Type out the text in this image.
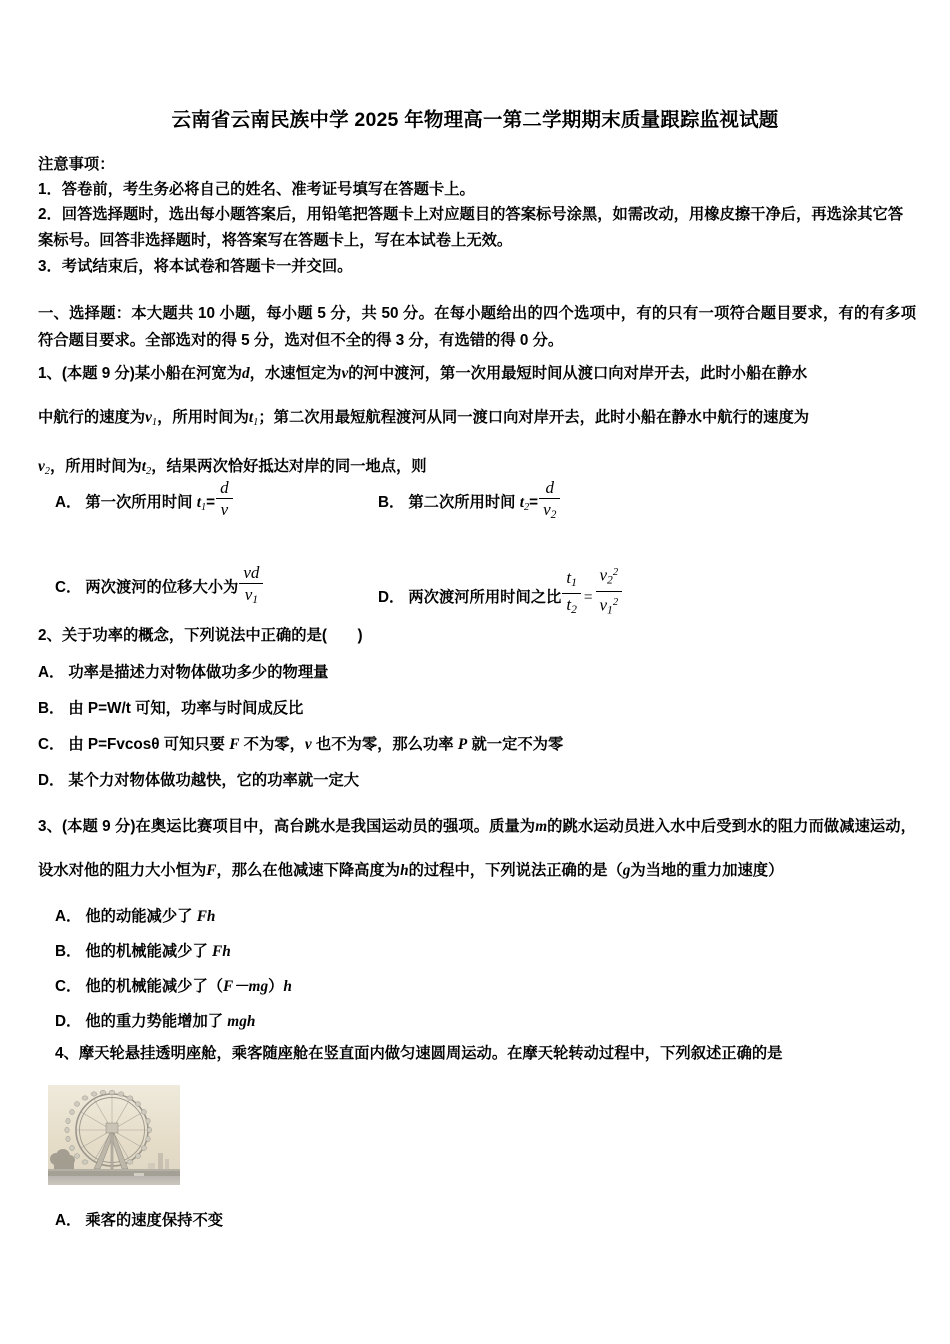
云南省云南民族中学 2025 年物理高一第二学期期末质量跟踪监视试题
注意事项：
1．答卷前，考生务必将自己的姓名、准考证号填写在答题卡上。
2．回答选择题时，选出每小题答案后，用铅笔把答题卡上对应题目的答案标号涂黑，如需改动，用橡皮擦干净后，再选涂其它答案标号。回答非选择题时，将答案写在答题卡上，写在本试卷上无效。
3．考试结束后，将本试卷和答题卡一并交回。
一、选择题：本大题共 10 小题，每小题 5 分，共 50 分。在每小题给出的四个选项中，有的只有一项符合题目要求，有的有多项符合题目要求。全部选对的得 5 分，选对但不全的得 3 分，有选错的得 0 分。
1、(本题 9 分)某小船在河宽为d，水速恒定为v的河中渡河，第一次用最短时间从渡口向对岸开去，此时小船在静水
中航行的速度为$v_1$，所用时间为$t_1$；第二次用最短航程渡河从同一渡口向对岸开去，此时小船在静水中航行的速度为
$v_2$，所用时间为$t_2$，结果两次恰好抵达对岸的同一地点，则
A． 第一次所用时间 $t_1= \frac{d}{v}$	B． 第二次所用时间 $t_2= \frac{d}{v_2}$
C． 两次渡河的位移大小为 $\frac{vd}{v_1}$	D． 两次渡河所用时间之比 $\frac{t_1}{t_2} = \frac{v_2^2}{v_1^2}$
2、关于功率的概念，下列说法中正确的是(　　)
A． 功率是描述力对物体做功多少的物理量
B． 由 P=W/t 可知，功率与时间成反比
C． 由 P=Fvcosθ 可知只要 F 不为零，v 也不为零，那么功率 P 就一定不为零
D． 某个力对物体做功越快，它的功率就一定大
3、(本题 9 分)在奥运比赛项目中，高台跳水是我国运动员的强项。质量为m的跳水运动员进入水中后受到水的阻力而做减速运动，设水对他的阻力大小恒为F，那么在他减速下降高度为h的过程中，下列说法正确的是（g为当地的重力加速度）
A． 他的动能减少了 Fh
B． 他的机械能减少了 Fh
C． 他的机械能减少了（F－mg）h
D． 他的重力势能增加了 mgh
4、摩天轮悬挂透明座舱，乘客随座舱在竖直面内做匀速圆周运动。在摩天轮转动过程中，下列叙述正确的是
A． 乘客的速度保持不变
